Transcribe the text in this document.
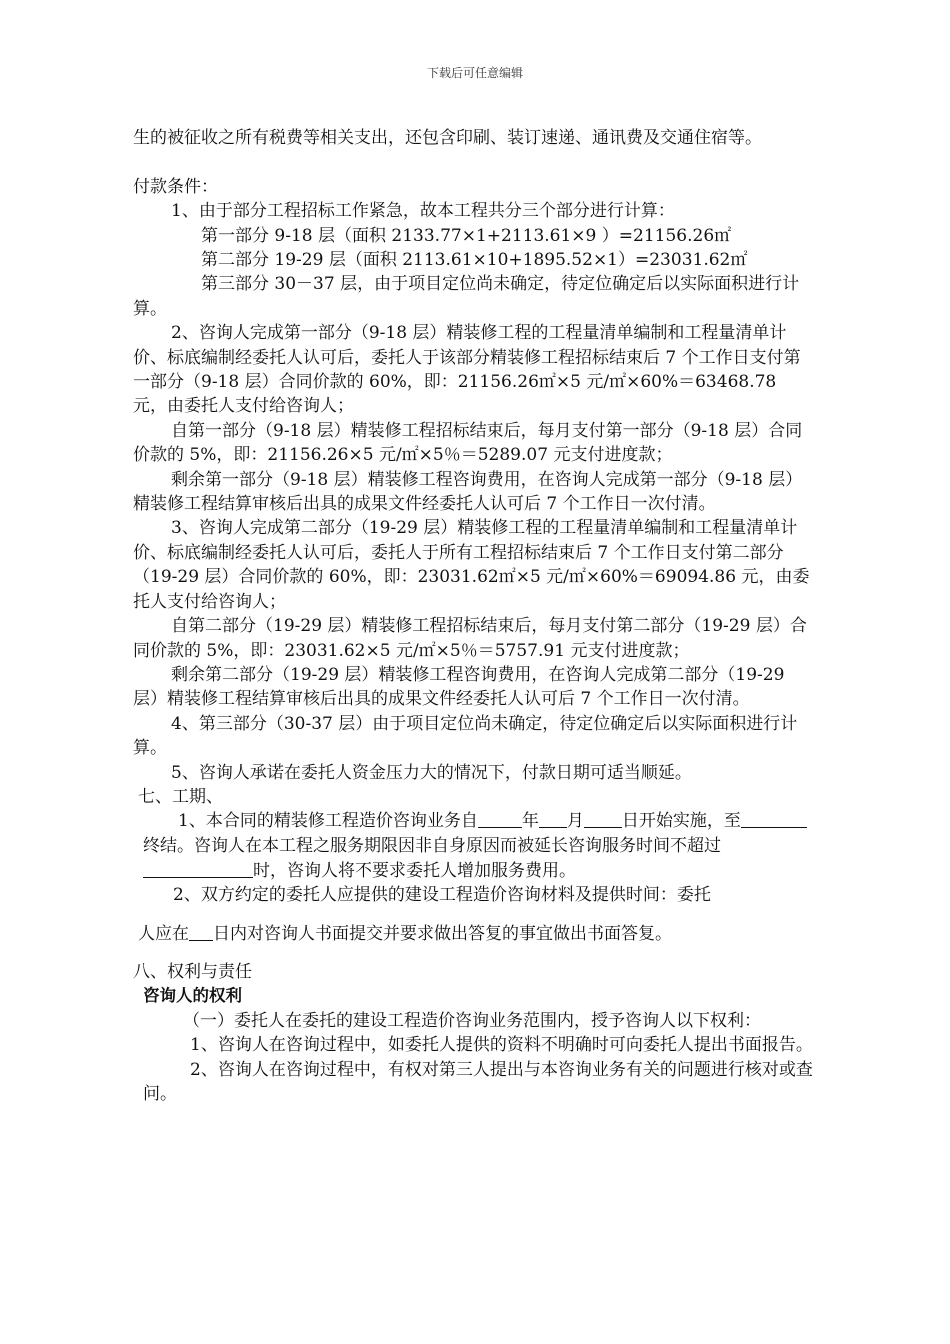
下载后可任意编辑

生的被征收之所有税费等相关支出，还包含印刷、装订速递、通讯费及交通住宿等。

付款条件：

1、由于部分工程招标工作紧急，故本工程共分三个部分进行计算：

第一部分 9-18 层（面积 2133.77×1+2113.61×9 ）=21156.26㎡

第二部分 19-29 层（面积 2113.61×10+1895.52×1）=23031.62㎡

第三部分 30－37 层，由于项目定位尚未确定，待定位确定后以实际面积进行计算。

2、咨询人完成第一部分（9-18 层）精装修工程的工程量清单编制和工程量清单计价、标底编制经委托人认可后，委托人于该部分精装修工程招标结束后 7 个工作日支付第一部分（9-18 层）合同价款的 60%，即：21156.26㎡×5 元/㎡×60%＝63468.78 元，由委托人支付给咨询人；

自第一部分（9-18 层）精装修工程招标结束后，每月支付第一部分（9-18 层）合同价款的 5%，即：21156.26×5 元/㎡×5％＝5289.07 元支付进度款；

剩余第一部分（9-18 层）精装修工程咨询费用，在咨询人完成第一部分（9-18 层）精装修工程结算审核后出具的成果文件经委托人认可后 7 个工作日一次付清。

3、咨询人完成第二部分（19-29 层）精装修工程的工程量清单编制和工程量清单计价、标底编制经委托人认可后，委托人于所有工程招标结束后 7 个工作日支付第二部分（19-29 层）合同价款的 60%，即：23031.62㎡×5 元/㎡×60%＝69094.86 元，由委托人支付给咨询人；

自第二部分（19-29 层）精装修工程招标结束后，每月支付第二部分（19-29 层）合同价款的 5%，即：23031.62×5 元/㎡×5％＝5757.91 元支付进度款；

剩余第二部分（19-29 层）精装修工程咨询费用，在咨询人完成第二部分（19-29 层）精装修工程结算审核后出具的成果文件经委托人认可后 7 个工作日一次付清。

4、第三部分（30-37 层）由于项目定位尚未确定，待定位确定后以实际面积进行计算。

5、咨询人承诺在委托人资金压力大的情况下，付款日期可适当顺延。

七、工期、

1、本合同的精装修工程造价咨询业务自	年 月 日开始实施，至终结。咨询人在本工程之服务期限因非自身原因而被延长咨询服务时间不超过时，咨询人将不要求委托人增加服务费用。

2、双方约定的委托人应提供的建设工程造价咨询材料及提供时间：委托

人应在 日内对咨询人书面提交并要求做出答复的事宜做出书面答复。

八、权利与责任

咨询人的权利

（一）委托人在委托的建设工程造价咨询业务范围内，授予咨询人以下权利：

1、咨询人在咨询过程中，如委托人提供的资料不明确时可向委托人提出书面报告。

2、咨询人在咨询过程中，有权对第三人提出与本咨询业务有关的问题进行核对或查问。
